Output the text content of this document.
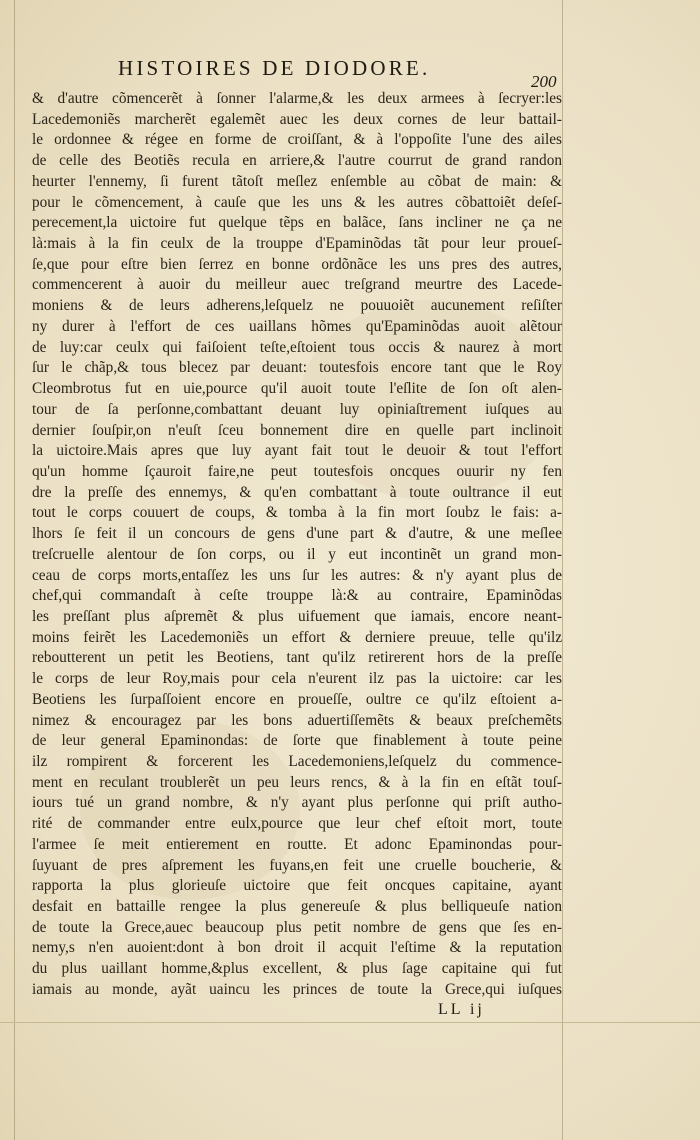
HISTOIRES DE DIODORE.
200
& d'autre cõmencerẽt à ſonner l'alarme,& les deux armees à ſecryer:les
Lacedemoniẽs marcherẽt egalemẽt auec les deux cornes de leur battail-
le ordonnee & régee en forme de croiſſant, & à l'oppoſite l'une des ailes
de celle des Beotiẽs recula en arriere,& l'autre courrut de grand randon
heurter l'ennemy, ſi furent tãtoſt meſlez enſemble au cõbat de main: &
pour le cõmencement, à cauſe que les uns & les autres cõbattoiẽt deſeſ-
perecement,la uictoire fut quelque tẽps en balãce, ſans incliner ne ça ne
là:mais à la fin ceulx de la trouppe d'Epaminõdas tãt pour leur proueſ-
ſe,que pour eſtre bien ſerrez en bonne ordõnãce les uns pres des autres,
commencerent à auoir du meilleur auec treſgrand meurtre des Lacede-
moniens & de leurs adherens,leſquelz ne pouuoiẽt aucunement reſiſter
ny durer à l'effort de ces uaillans hõmes qu'Epaminõdas auoit alẽtour
de luy:car ceulx qui faiſoient teſte,eſtoient tous occis & naurez à mort
ſur le chãp,& tous blecez par deuant: toutesfois encore tant que le Roy
Cleombrotus fut en uie,pource qu'il auoit toute l'eſlite de ſon oſt alen-
tour de ſa perſonne,combattant deuant luy opiniaſtrement iuſques au
dernier ſouſpir,on n'euſt ſceu bonnement dire en quelle part inclinoit
la uictoire.Mais apres que luy ayant fait tout le deuoir & tout l'effort
qu'un homme ſçauroit faire,ne peut toutesfois oncques ouurir ny fen
dre la preſſe des ennemys, & qu'en combattant à toute oultrance il eut
tout le corps couuert de coups, & tomba à la fin mort ſoubz le fais: a-
lhors ſe feit il un concours de gens d'une part & d'autre, & une meſlee
treſcruelle alentour de ſon corps, ou il y eut incontinẽt un grand mon-
ceau de corps morts,entaſſez les uns ſur les autres: & n'y ayant plus de
chef,qui commandaſt à ceſte trouppe là:& au contraire, Epaminõdas
les preſſant plus aſpremẽt & plus uifuement que iamais, encore neant-
moins feirẽt les Lacedemoniẽs un effort & derniere preuue, telle qu'ilz
reboutterent un petit les Beotiens, tant qu'ilz retirerent hors de la preſſe
le corps de leur Roy,mais pour cela n'eurent ilz pas la uictoire: car les
Beotiens les ſurpaſſoient encore en proueſſe, oultre ce qu'ilz eſtoient a-
nimez & encouragez par les bons aduertiſſemẽts & beaux preſchemẽts
de leur general Epaminondas: de ſorte que finablement à toute peine
ilz rompirent & forcerent les Lacedemoniens,leſquelz du commence-
ment en reculant troublerẽt un peu leurs rencs, & à la fin en eſtãt touſ-
iours tué un grand nombre, & n'y ayant plus perſonne qui priſt autho-
rité de commander entre eulx,pource que leur chef eſtoit mort, toute
l'armee ſe meit entierement en routte. Et adonc Epaminondas pour-
ſuyuant de pres aſprement les fuyans,en feit une cruelle boucherie, &
rapporta la plus glorieuſe uictoire que feit oncques capitaine, ayant
desfait en battaille rengee la plus genereuſe & plus belliqueuſe nation
de toute la Grece,auec beaucoup plus petit nombre de gens que ſes en-
nemy,s n'en auoient:dont à bon droit il acquit l'eſtime & la reputation
du plus uaillant homme,&plus excellent, & plus ſage capitaine qui fut
iamais au monde, ayãt uaincu les princes de toute la Grece,qui iuſques
LL ij
